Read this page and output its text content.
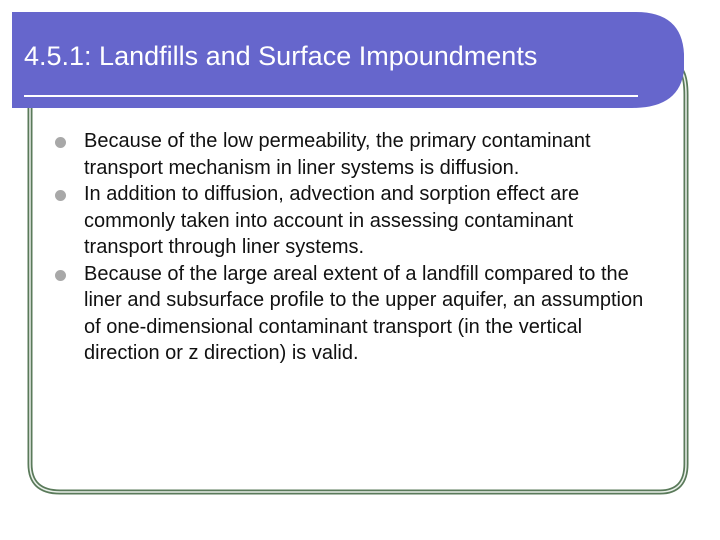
4.5.1: Landfills and Surface Impoundments
Because of the low permeability, the primary contaminant transport mechanism in liner systems is diffusion.
In addition to diffusion, advection and sorption effect are commonly taken into account in assessing contaminant transport through liner systems.
Because of the large areal extent of a landfill compared to the liner and subsurface profile to the upper aquifer, an assumption of one-dimensional contaminant transport (in the vertical direction or z direction) is valid.
